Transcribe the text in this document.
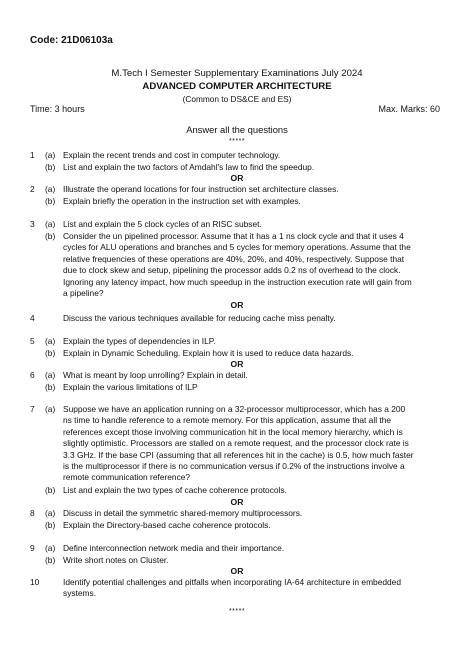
Code: 21D06103a
M.Tech I Semester Supplementary Examinations July 2024
ADVANCED COMPUTER ARCHITECTURE
(Common to DS&CE and ES)
Time: 3 hours	Max. Marks: 60
Answer all the questions
*****
1	(a) Explain the recent trends and cost in computer technology.
(b) List and explain the two factors of Amdahl's law to find the speedup.
OR
2	(a) Illustrate the operand locations for four instruction set architecture classes.
(b) Explain briefly the operation in the instruction set with examples.
3	(a) List and explain the 5 clock cycles of an RISC subset.
(b) Consider the un pipelined processor. Assume that it has a 1 ns clock cycle and that it uses 4 cycles for ALU operations and branches and 5 cycles for memory operations. Assume that the relative frequencies of these operations are 40%, 20%, and 40%, respectively. Suppose that due to clock skew and setup, pipelining the processor adds 0.2 ns of overhead to the clock. Ignoring any latency impact, how much speedup in the instruction execution rate will gain from a pipeline?
OR
4	Discuss the various techniques available for reducing cache miss penalty.
5	(a) Explain the types of dependencies in ILP.
(b) Explain in Dynamic Scheduling. Explain how it is used to reduce data hazards.
OR
6	(a) What is meant by loop unrolling? Explain in detail.
(b) Explain the various limitations of ILP
7	(a) Suppose we have an application running on a 32-processor multiprocessor, which has a 200 ns time to handle reference to a remote memory. For this application, assume that all the references except those involving communication hit in the local memory hierarchy, which is slightly optimistic. Processors are stalled on a remote request, and the processor clock rate is 3.3 GHz. If the base CPI (assuming that all references hit in the cache) is 0.5, how much faster is the multiprocessor if there is no communication versus if 0.2% of the instructions involve a remote communication reference?
(b) List and explain the two types of cache coherence protocols.
OR
8	(a) Discuss in detail the symmetric shared-memory multiprocessors.
(b) Explain the Directory-based cache coherence protocols.
9	(a) Define interconnection network media and their importance.
(b) Write short notes on Cluster.
OR
10	Identify potential challenges and pitfalls when incorporating IA-64 architecture in embedded systems.
*****
